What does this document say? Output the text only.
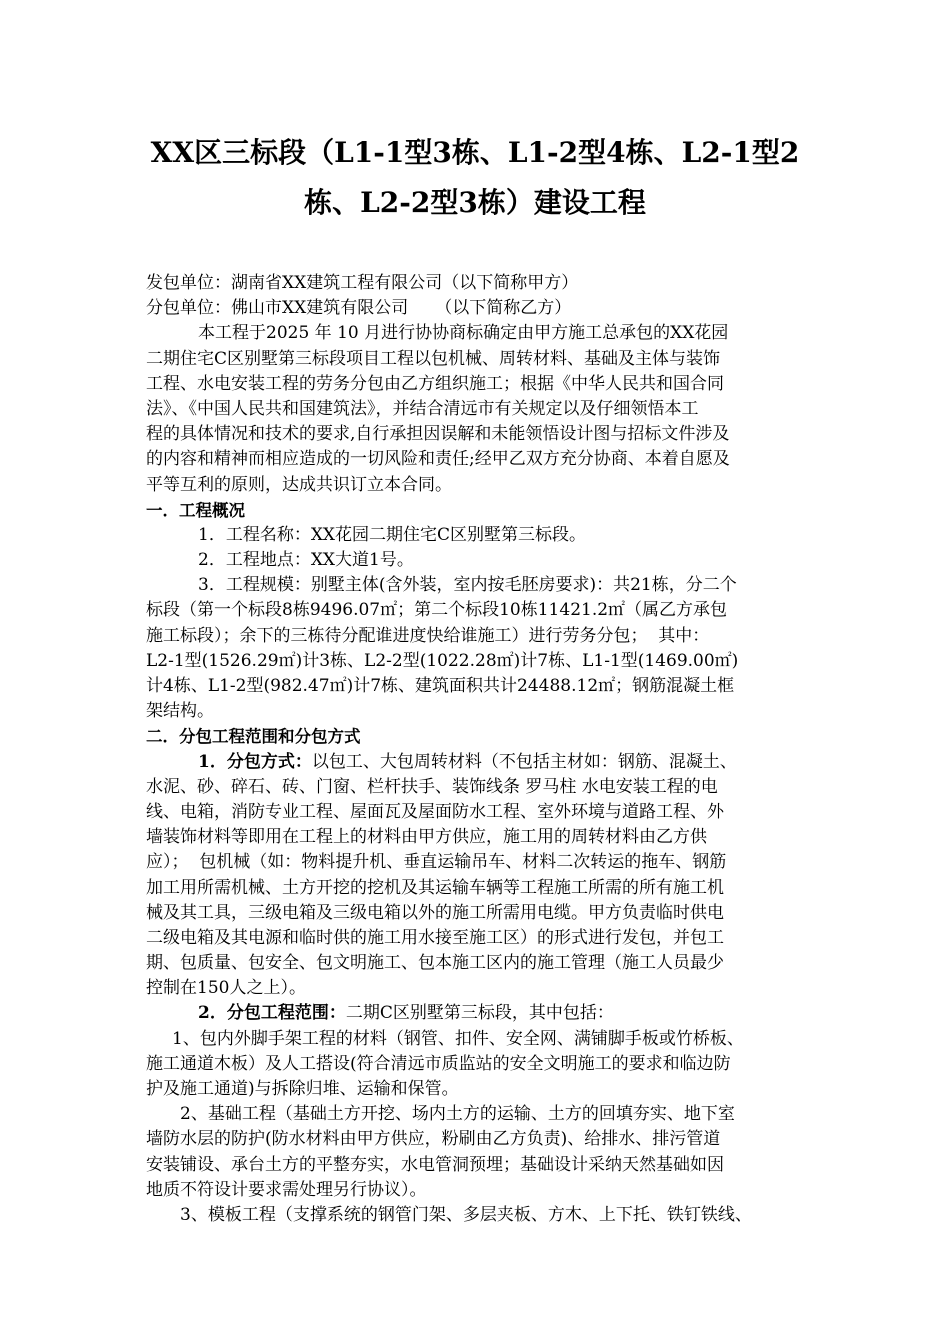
XX区三标段（L1-1型3栋、L1-2型4栋、L2-1型2
栋、L2-2型3栋）建设工程
发包单位：湖南省XX建筑工程有限公司（以下简称甲方）
分包单位：佛山市XX建筑有限公司     （以下简称乙方）
本工程于2025 年 10 月进行协协商标确定由甲方施工总承包的XX花园
二期住宅C区别墅第三标段项目工程以包机械、周转材料、基础及主体与装饰
工程、水电安装工程的劳务分包由乙方组织施工；根据《中华人民共和国合同
法》、《中国人民共和国建筑法》，并结合清远市有关规定以及仔细领悟本工
程的具体情况和技术的要求,自行承担因误解和未能领悟设计图与招标文件涉及
的内容和精神而相应造成的一切风险和责任;经甲乙双方充分协商、本着自愿及
平等互利的原则，达成共识订立本合同。
一．工程概况
1．工程名称：XX花园二期住宅C区别墅第三标段。
2．工程地点：XX大道1号。
3．工程规模：别墅主体(含外装，室内按毛胚房要求)：共21栋，分二个
标段（第一个标段8栋9496.07㎡；第二个标段10栋11421.2㎡（属乙方承包
施工标段）；余下的三栋待分配谁进度快给谁施工）进行劳务分包；  其中：
L2-1型(1526.29㎡)计3栋、L2-2型(1022.28㎡)计7栋、L1-1型(1469.00㎡)
计4栋、L1-2型(982.47㎡)计7栋、建筑面积共计24488.12㎡；钢筋混凝土框
架结构。
二．分包工程范围和分包方式
1．分包方式：以包工、大包周转材料（不包括主材如：钢筋、混凝土、
水泥、砂、碎石、砖、门窗、栏杆扶手、装饰线条 罗马柱 水电安装工程的电
线、电箱，消防专业工程、屋面瓦及屋面防水工程、室外环境与道路工程、外
墙装饰材料等即用在工程上的材料由甲方供应，施工用的周转材料由乙方供
应）；  包机械（如：物料提升机、垂直运输吊车、材料二次转运的拖车、钢筋
加工用所需机械、土方开挖的挖机及其运输车辆等工程施工所需的所有施工机
械及其工具，三级电箱及三级电箱以外的施工所需用电缆。甲方负责临时供电
二级电箱及其电源和临时供的施工用水接至施工区）的形式进行发包，并包工
期、包质量、包安全、包文明施工、包本施工区内的施工管理（施工人员最少
控制在150人之上）。
2．分包工程范围：二期C区别墅第三标段，其中包括：
1、包内外脚手架工程的材料（钢管、扣件、安全网、满铺脚手板或竹桥板、
施工通道木板）及人工搭设(符合清远市质监站的安全文明施工的要求和临边防
护及施工通道)与拆除归堆、运输和保管。
2、基础工程（基础土方开挖、场内土方的运输、土方的回填夯实、地下室
墙防水层的防护(防水材料由甲方供应，粉刷由乙方负责)、给排水、排污管道
安装铺设、承台土方的平整夯实，水电管洞预埋；基础设计采纳天然基础如因
地质不符设计要求需处理另行协议）。
3、模板工程（支撑系统的钢管门架、多层夹板、方木、上下托、铁钉铁线、
